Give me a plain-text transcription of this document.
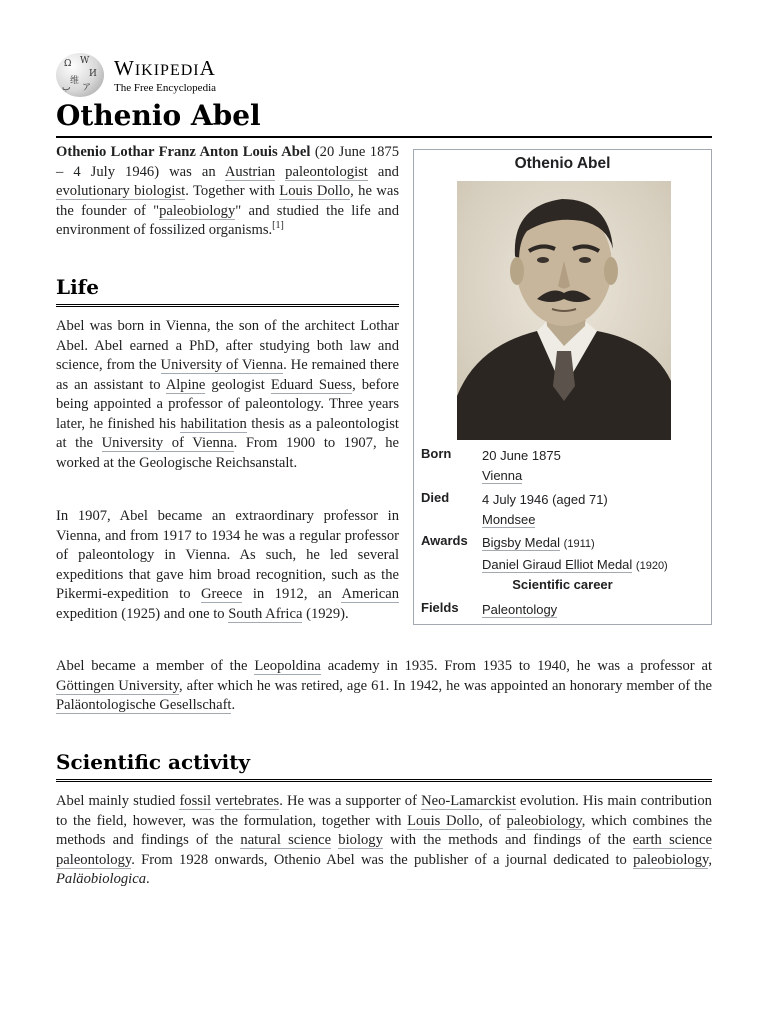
Ω W
И
维
ア
ب
WIKIPEDIA
The Free Encyclopedia
Othenio Abel

Othenio Lothar Franz Anton Louis Abel (20 June 1875 – 4 July 1946) was an Austrian paleontologist and evolutionary biologist. Together with Louis Dollo, he was the founder of "paleobiology" and studied the life and environment of fossilized organisms.[1]

Life

Abel was born in Vienna, the son of the architect Lothar Abel. Abel earned a PhD, after studying both law and science, from the University of Vienna. He remained there as an assistant to Alpine geologist Eduard Suess, before being appointed a professor of paleontology. Three years later, he finished his habilitation thesis as a paleontologist at the University of Vienna. From 1900 to 1907, he worked at the Geologische Reichsanstalt.

In 1907, Abel became an extraordinary professor in Vienna, and from 1917 to 1934 he was a regular professor of paleontology in Vienna. As such, he led several expeditions that gave him broad recognition, such as the Pikermi-expedition to Greece in 1912, an American expedition (1925) and one to South Africa (1929).

Abel became a member of the Leopoldina academy in 1935. From 1935 to 1940, he was a professor at Göttingen University, after which he was retired, age 61. In 1942, he was appointed an honorary member of the Paläontologische Gesellschaft.

Scientific activity

Abel mainly studied fossil vertebrates. He was a supporter of Neo-Lamarckist evolution. His main contribution to the field, however, was the formulation, together with Louis Dollo, of paleobiology, which combines the methods and findings of the natural science biology with the methods and findings of the earth science paleontology. From 1928 onwards, Othenio Abel was the publisher of a journal dedicated to paleobiology, Paläobiologica.

Othenio Abel
Born 20 June 1875
Vienna
Died	4 July 1946 (aged 71)
Mondsee
Awards Bigsby Medal (1911)
Daniel Giraud Elliot Medal (1920)
Scientific career
Fields Paleontology
